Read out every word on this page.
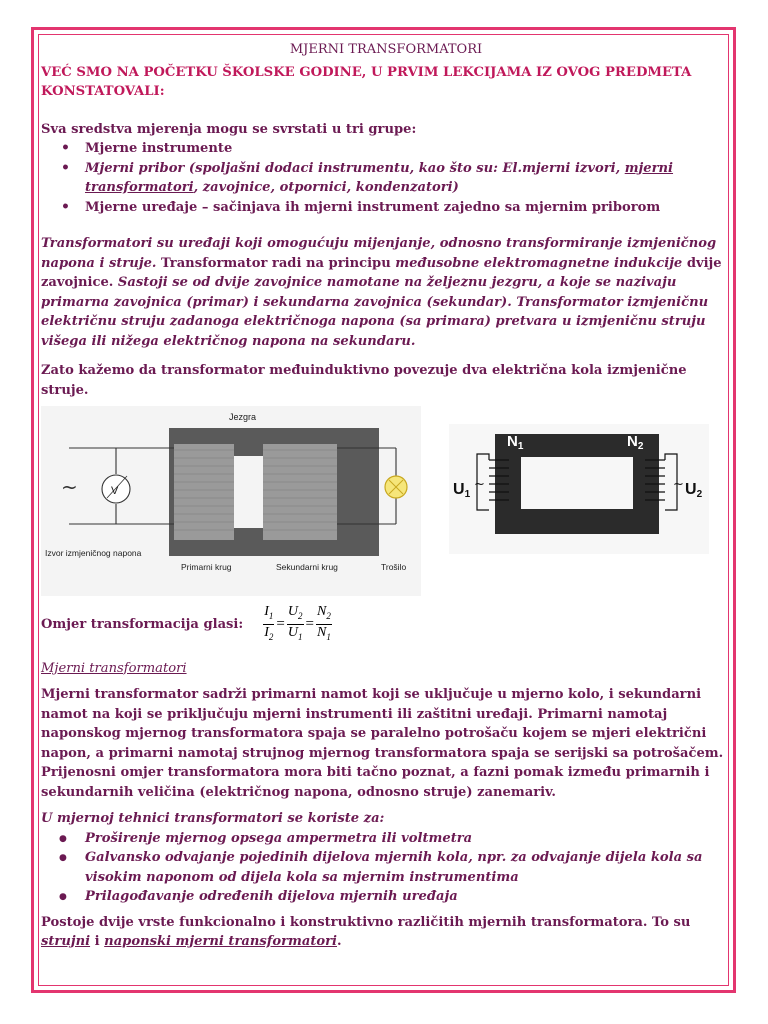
MJERNI TRANSFORMATORI

VEĆ SMO NA POČETKU ŠKOLSKE GODINE, U PRVIM LEKCIJAMA IZ OVOG PREDMETA KONSTATOVALI:

Sva sredstva mjerenja mogu se svrstati u tri grupe:

• Mjerne instrumente
• Mjerni pribor (spoljašni dodaci instrumentu, kao što su: El.mjerni izvori, mjerni transformatori, zavojnice, otpornici, kondenzatori)
• Mjerne uređaje – sačinjava ih mjerni instrument zajedno sa mjernim priborom

Transformatori su uređaji koji omogućuju mijenjanje, odnosno transformiranje izmjeničnog napona i struje. Transformator radi na principu međusobne elektromagnetne indukcije dvije zavojnice. Sastoji se od dvije zavojnice namotane na željeznu jezgru, a koje se nazivaju primarna zavojnica (primar) i sekundarna zavojnica (sekundar). Transformator izmjeničnu električnu struju zadanoga električnoga napona (sa primara) pretvara u izmjeničnu struju višega ili nižega električnog napona na sekundaru.

Zato kažemo da transformator međuinduktivno povezuje dva električna kola izmjenične struje.

Jezgra
~	V
Izvor izmjeničnog napona
Primarni krug	Sekundarni krug	Trošilo
$N_1$	$N_2$
U1
~	~ U2
Omjer transformacija glasi: $\frac{I_1}{I_2} = \frac{U_2}{U_1} = \frac{N_2}{N_1}$

Mjerni transformatori

Mjerni transformator sadrži primarni namot koji se uključuje u mjerno kolo, i sekundarni namot na koji se priključuju mjerni instrumenti ili zaštitni uređaji. Primarni namotaj naponskog mjernog transformatora spaja se paralelno potrošaču kojem se mjeri električni napon, a primarni namotaj strujnog mjernog transformatora spaja se serijski sa potrošačem. Prijenosni omjer transformatora mora biti tačno poznat, a fazni pomak između primarnih i sekundarnih veličina (električnog napona, odnosno struje) zanemariv.

U mjernoj tehnici transformatori se koriste za:

● Proširenje mjernog opsega ampermetra ili voltmetra
● Galvansko odvajanje pojedinih dijelova mjernih kola, npr. za odvajanje dijela kola sa visokim naponom od dijela kola sa mjernim instrumentima
● Prilagođavanje određenih dijelova mjernih uređaja

Postoje dvije vrste funkcionalno i konstruktivno različitih mjernih transformatora. To su strujni i naponski mjerni transformatori.
